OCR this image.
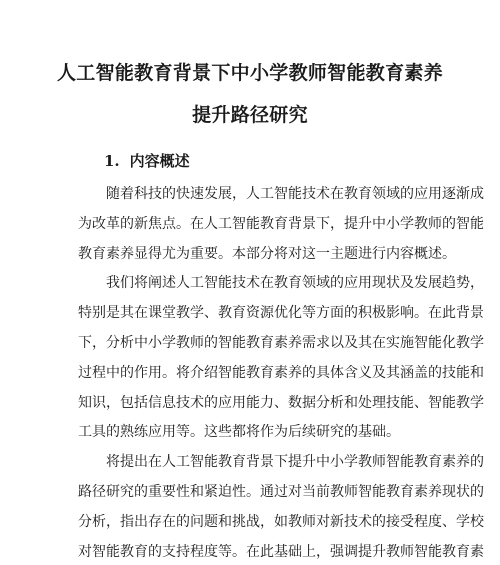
人工智能教育背景下中小学教师智能教育素养
提升路径研究
1. 内容概述
随着科技的快速发展，人工智能技术在教育领域的应用逐渐成
为改革的新焦点。在人工智能教育背景下，提升中小学教师的智能
教育素养显得尤为重要。本部分将对这一主题进行内容概述。
我们将阐述人工智能技术在教育领域的应用现状及发展趋势，
特别是其在课堂教学、教育资源优化等方面的积极影响。在此背景
下，分析中小学教师的智能教育素养需求以及其在实施智能化教学
过程中的作用。将介绍智能教育素养的具体含义及其涵盖的技能和
知识，包括信息技术的应用能力、数据分析和处理技能、智能教学
工具的熟练应用等。这些都将作为后续研究的基础。
将提出在人工智能教育背景下提升中小学教师智能教育素养的
路径研究的重要性和紧迫性。通过对当前教师智能教育素养现状的
分析，指出存在的问题和挑战，如教师对新技术的接受程度、学校
对智能教育的支持程度等。在此基础上，强调提升教师智能教育素
